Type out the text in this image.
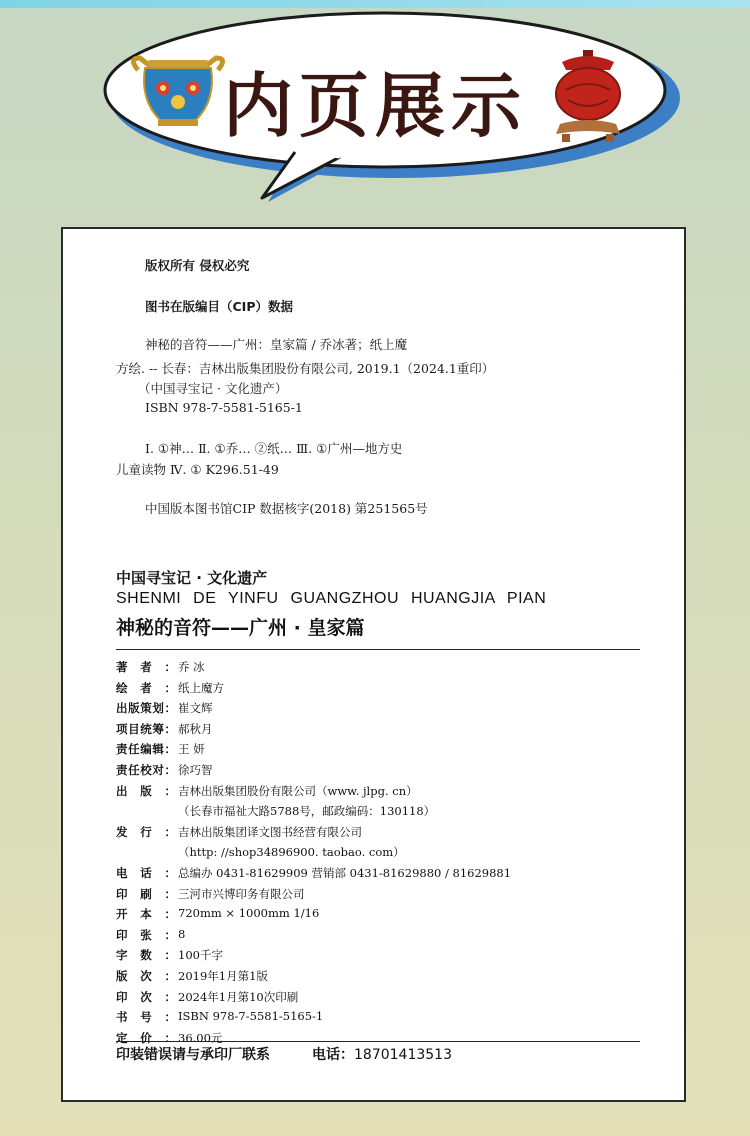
内页展示
版权所有 侵权必究
图书在版编目（CIP）数据
神秘的音符——广州：皇家篇 / 乔冰著；纸上魔
方绘. -- 长春：吉林出版集团股份有限公司, 2019.1（2024.1重印）
（中国寻宝记 · 文化遗产）
ISBN 978-7-5581-5165-1
Ⅰ. ①神… Ⅱ. ①乔… ②纸… Ⅲ. ①广州—地方史
儿童读物 Ⅳ. ① K296.51-49
中国版本图书馆CIP 数据核字(2018) 第251565号
中国寻宝记 · 文化遗产
SHENMI DE YINFU GUANGZHOU HUANGJIA PIAN
神秘的音符——广州 · 皇家篇
著 者 ： 乔 冰
绘 者 ： 纸上魔方
出 版 策 划 ： 崔文辉
项 目 统 筹 ： 郝秋月
责 任 编 辑 ： 王 妍
责 任 校 对 ： 徐巧智
出 版 ： 吉林出版集团股份有限公司（www. jlpg. cn）
（长春市福祉大路5788号，邮政编码：130118）
发 行 ： 吉林出版集团译文图书经营有限公司
（http: //shop34896900. taobao. com）
电 话 ： 总编办 0431-81629909 营销部 0431-81629880 / 81629881
印 刷 ： 三河市兴博印务有限公司
开 本 ： 720mm × 1000mm 1/16
印 张 ： 8
字 数 ： 100千字
版 次 ： 2019年1月第1版
印 次 ： 2024年1月第10次印刷
书 号 ： ISBN 978-7-5581-5165-1
定 价 ： 36.00元
印装错误请与承印厂联系	电话：18701413513
